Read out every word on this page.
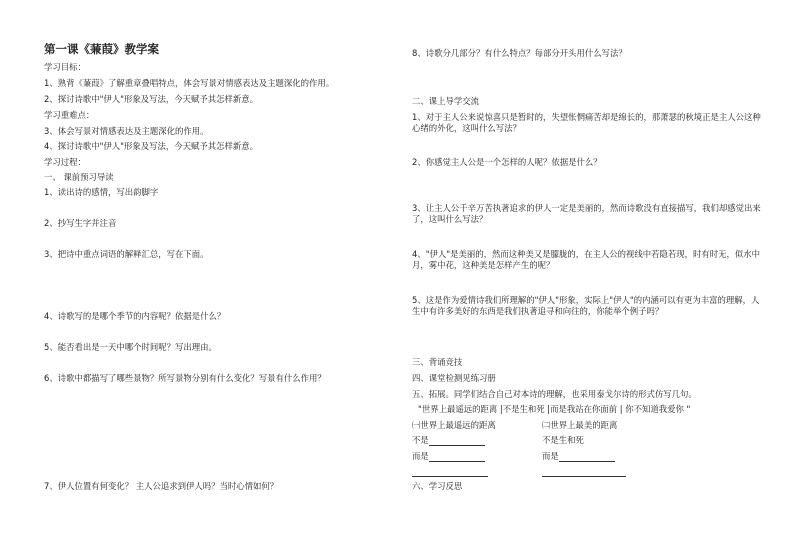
第一课《蒹葭》教学案
学习目标：
1、熟背《蒹葭》了解重章叠唱特点，体会写景对情感表达及主题深化的作用。
2、探讨诗歌中"伊人"形象及写法，今天赋予其怎样新意。
学习重难点：
3、体会写景对情感表达及主题深化的作用。
4、探讨诗歌中"伊人"形象及写法，今天赋予其怎样新意。
学习过程：
一、 课前预习导读
1、读出诗的感情，写出韵脚字
2、抄写生字并注音
3、把诗中重点词语的解释汇总，写在下面。
4、诗歌写的是哪个季节的内容呢？依据是什么？
5、能否看出是一天中哪个时间呢？写出理由。
6、诗歌中都描写了哪些景物？所写景物分别有什么变化？写景有什么作用？
7、伊人位置有何变化？ 主人公追求到伊人吗？当时心情如何？
8、诗歌分几部分？有什么特点？每部分开头用什么写法？
二、课上导学交流
1、对于主人公来说惊喜只是暂时的，失望怅惘痛苦却是绵长的，那萧瑟的秋境正是主人公这种心绪的外化，这叫什么写法？
2、你感觉主人公是一个怎样的人呢？依据是什么？
3、让主人公千辛万苦执著追求的伊人一定是美丽的，然而诗歌没有直接描写，我们却感觉出来了，这叫什么写法？
4、"伊人"是美丽的，然而这种美又是朦胧的，在主人公的视线中若隐若现，时有时无，似水中月，雾中花，这种美是怎样产生的呢？
5、这是作为爱情诗我们所理解的"伊人"形象，实际上"伊人"的内涵可以有更为丰富的理解，人生中有许多美好的东西是我们执著追寻和向往的，你能举个例子吗？
三、背诵竞技
四、课堂检测见练习册
五、拓展。同学们结合自己对本诗的理解，也采用泰戈尔诗的形式仿写几句。
"世界上最遥远的距离 |不是生和死 |而是我站在你面前 | 你不知道我爱你 "
㈠世界上最遥远的距离
不是
而是
㈡世界上最美的距离
不是生和死
而是
六、学习反思
